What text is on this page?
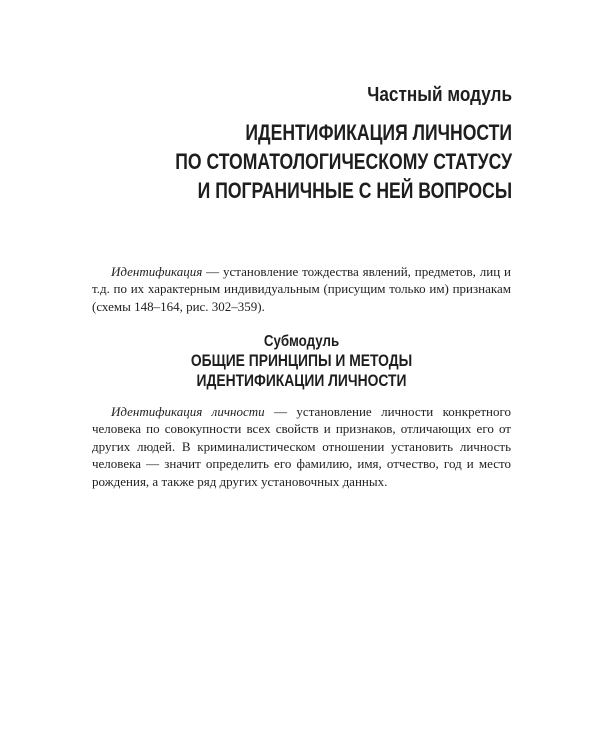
Частный модуль
ИДЕНТИФИКАЦИЯ ЛИЧНОСТИ
ПО СТОМАТОЛОГИЧЕСКОМУ СТАТУСУ
И ПОГРАНИЧНЫЕ С НЕЙ ВОПРОСЫ

Идентификация — установление тождества явлений, предметов, лиц и т.д. по их характерным индивидуальным (присущим только им) признакам (схемы 148–164, рис. 302–359).

Субмодуль
ОБЩИЕ ПРИНЦИПЫ И МЕТОДЫ
ИДЕНТИФИКАЦИИ ЛИЧНОСТИ

Идентификация личности — установление личности конкретного человека по совокупности всех свойств и признаков, отличающих его от других людей. В криминалистическом отношении установить личность человека — значит определить его фамилию, имя, отчество, год и место рождения, а также ряд других установочных данных.
